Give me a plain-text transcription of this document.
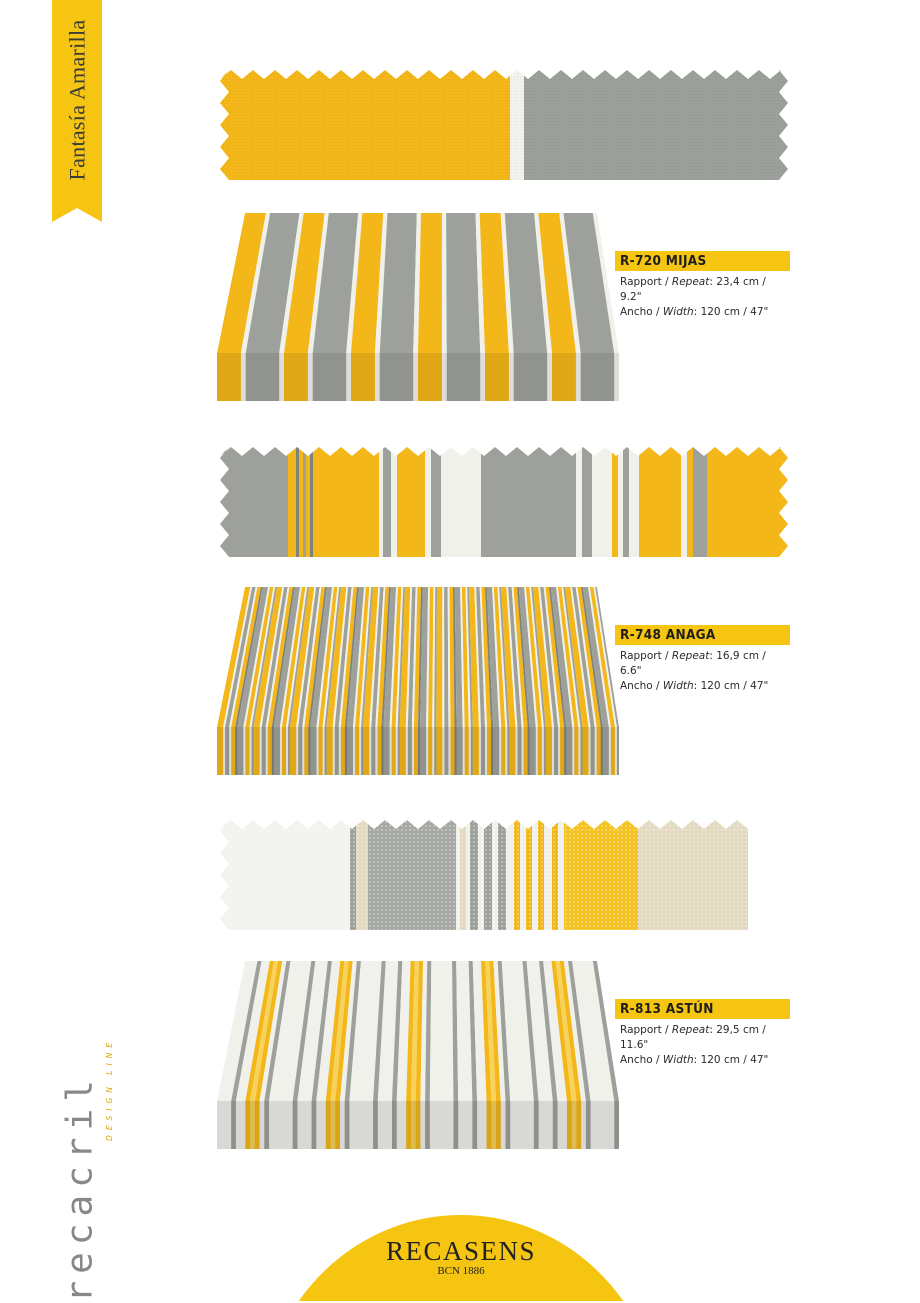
Fantasía Amarilla
R-720 MIJAS
Rapport / Repeat: 23,4 cm / 9.2"
Ancho / Width: 120 cm / 47"
R-748 ANAGA
Rapport / Repeat: 16,9 cm / 6.6"
Ancho / Width: 120 cm / 47"
R-813 ASTÚN
Rapport / Repeat: 29,5 cm / 11.6"
Ancho / Width: 120 cm / 47"
recacril DESIGN LINE
RECASENS
BCN 1886
